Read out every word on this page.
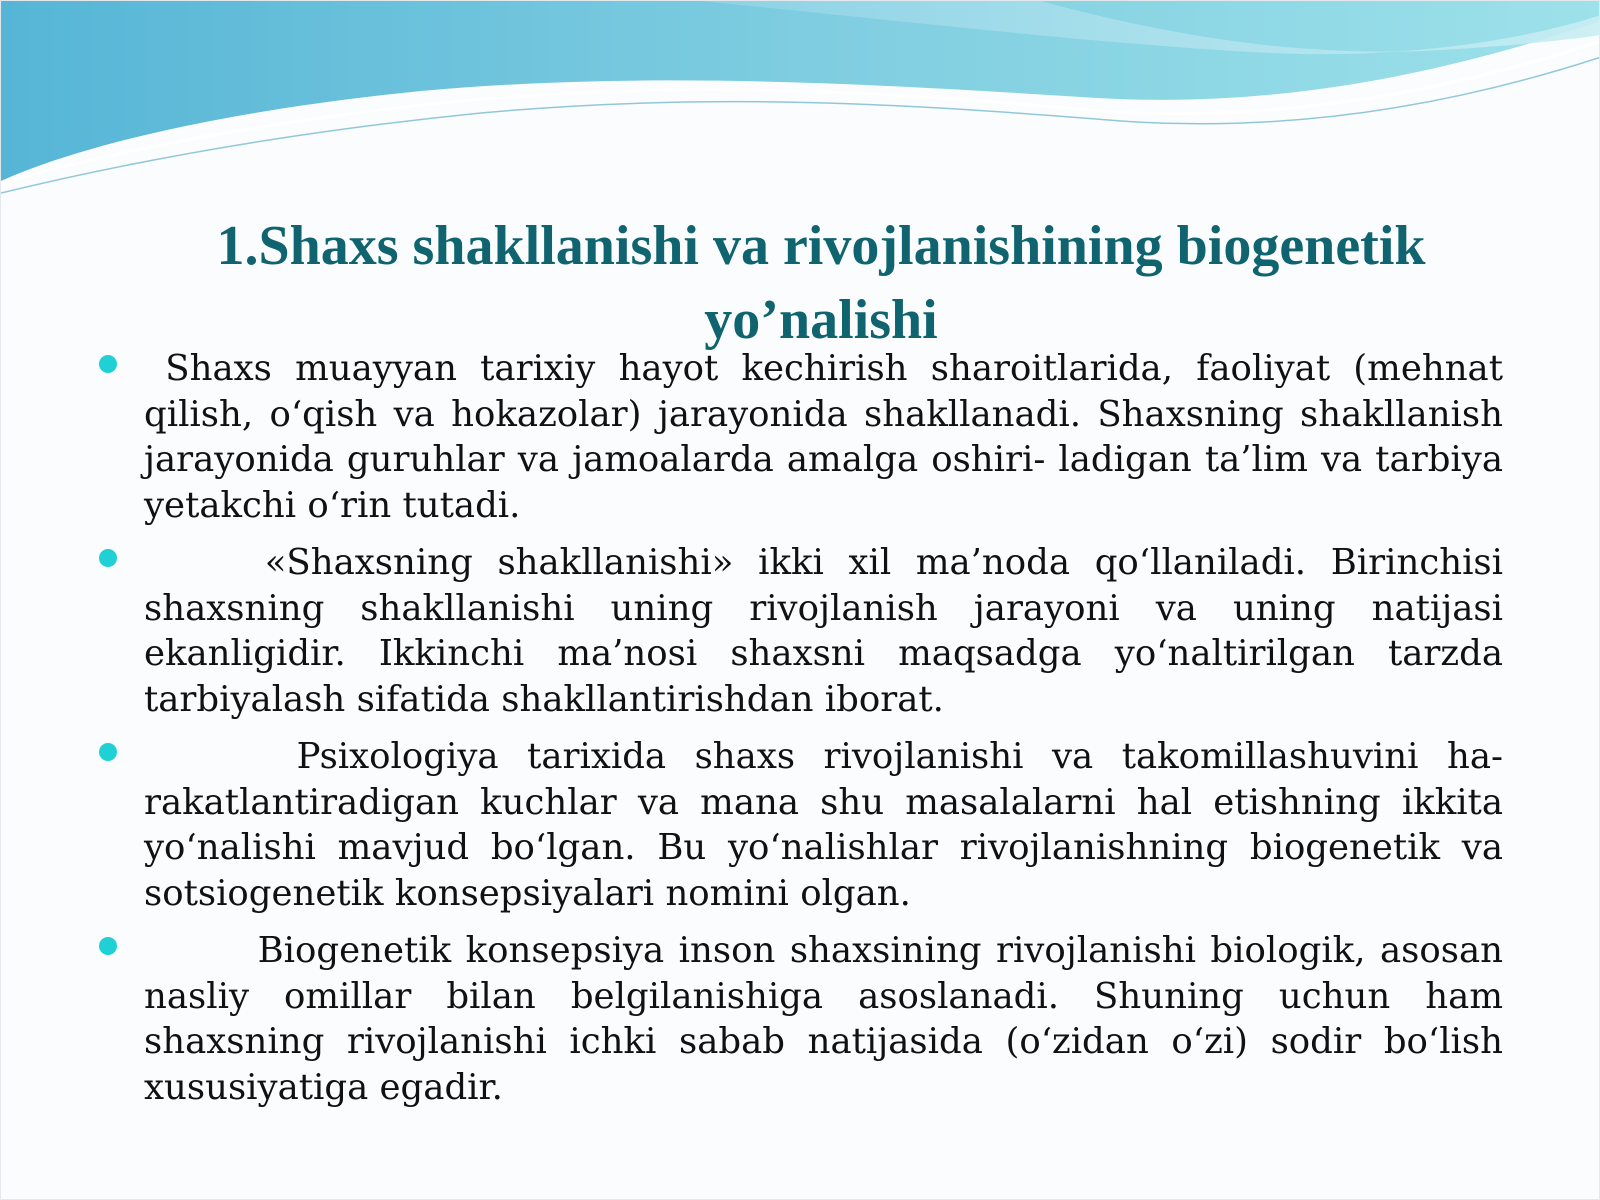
1.Shaxs shakllanishi va rivojlanishining biogenetik yo’nalishi
Shaxs muayyan tarixiy hayot kechirish sharoitlarida, faoliyat (mehnat qilish, o‘qish va hokazolar) jarayonida shakllanadi. Shaxsning shakllanish jarayonida guruhlar va jamoalarda amalga oshiri- ladigan ta’lim va tarbiya yetakchi o‘rin tutadi.
«Shaxsning shakllanishi» ikki xil ma’noda qo‘llaniladi. Birinchisi shaxsning shakllanishi uning rivojlanish jarayoni va uning natijasi ekanligidir. Ikkinchi ma’nosi shaxsni maqsadga yo‘naltirilgan tarzda tarbiyalash sifatida shakllantirishdan iborat.
Psixologiya tarixida shaxs rivojlanishi va takomillashuvini ha- rakatlantiradigan kuchlar va mana shu masalalarni hal etishning ikkita yo‘nalishi mavjud bo‘lgan. Bu yo‘nalishlar rivojlanishning biogenetik va sotsiogenetik konsepsiyalari nomini olgan.
Biogenetik konsepsiya inson shaxsining rivojlanishi biologik, asosan nasliy omillar bilan belgilanishiga asoslanadi. Shuning uchun ham shaxsning rivojlanishi ichki sabab natijasida (o‘zidan o‘zi) sodir bo‘lish xususiyatiga egadir.
